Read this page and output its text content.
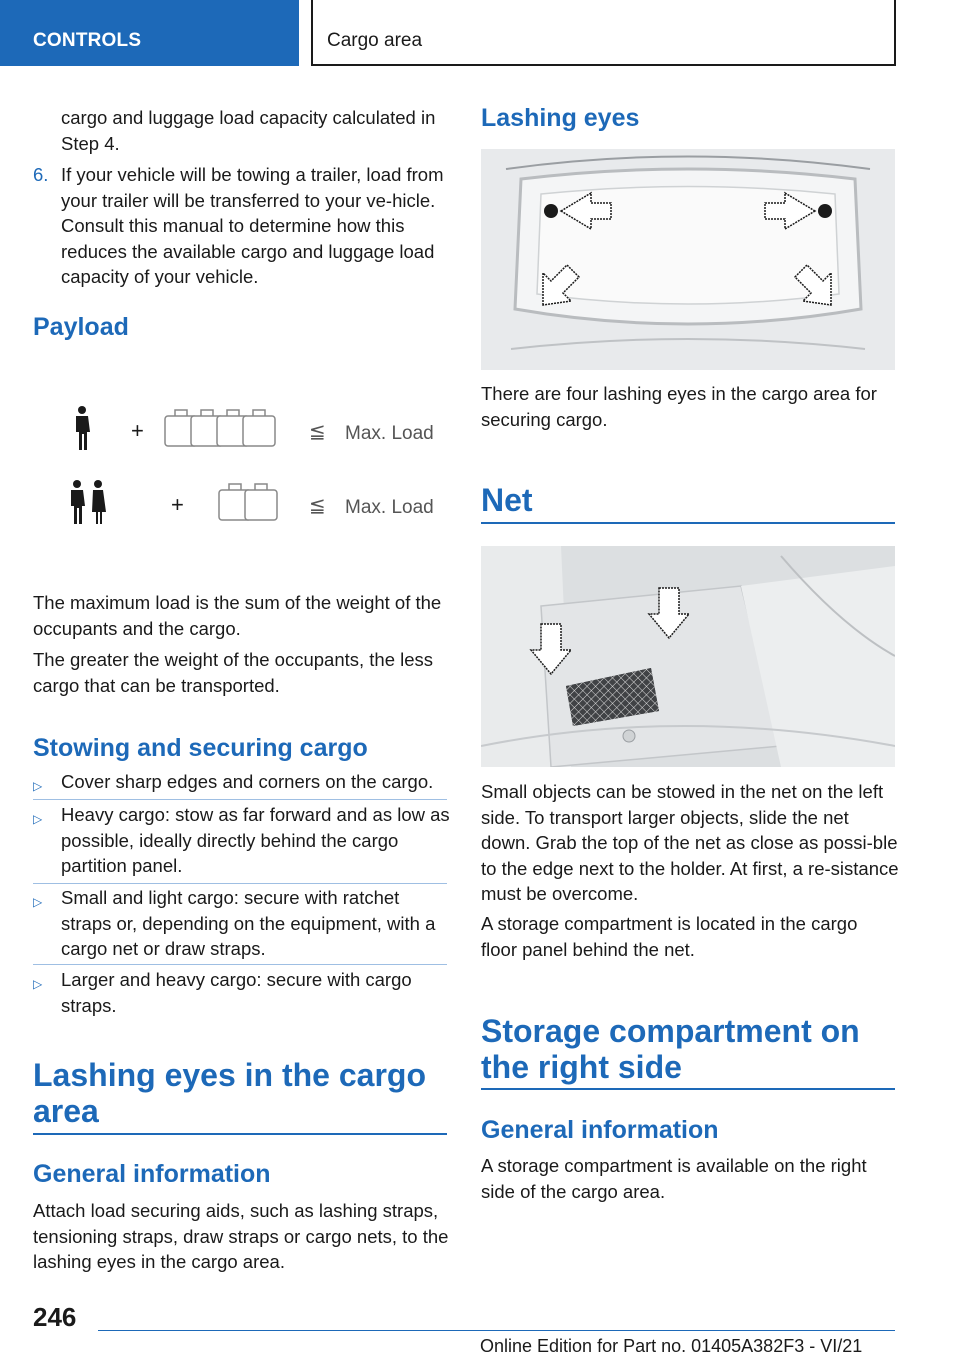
CONTROLS	Cargo area

cargo and luggage load capacity calculated in Step 4.

6. If your vehicle will be towing a trailer, load from your trailer will be transferred to your ve-hicle. Consult this manual to determine how this reduces the available cargo and luggage load capacity of your vehicle.
Payload
+	≦ Max. Load
+	≦ Max. Load

The maximum load is the sum of the weight of the occupants and the cargo.

The greater the weight of the occupants, the less cargo that can be transported.

Stowing and securing cargo
▷ Cover sharp edges and corners on the cargo.
▷ Heavy cargo: stow as far forward and as low as possible, ideally directly behind the cargo partition panel.
▷ Small and light cargo: secure with ratchet straps or, depending on the equipment, with a cargo net or draw straps.
▷ Larger and heavy cargo: secure with cargo straps.
Lashing eyes in the cargo area
General information

Attach load securing aids, such as lashing straps, tensioning straps, draw straps or cargo nets, to the lashing eyes in the cargo area.

Lashing eyes

There are four lashing eyes in the cargo area for securing cargo.

Net

Small objects can be stowed in the net on the left side. To transport larger objects, slide the net down. Grab the top of the net as close as possi-ble to the edge next to the holder. At first, a re-sistance must be overcome.

A storage compartment is located in the cargo floor panel behind the net.

Storage compartment on the right side
General information

A storage compartment is available on the right side of the cargo area.

246
Online Edition for Part no. 01405A382F3 - VI/21
